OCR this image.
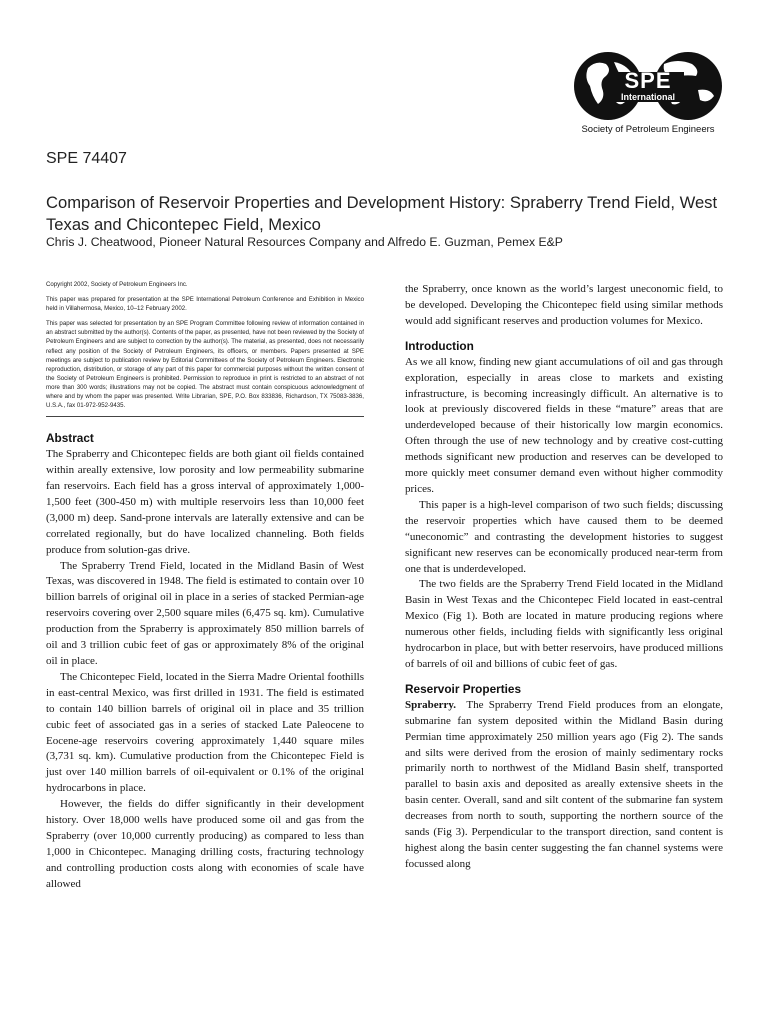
SPE
International
Society of Petroleum Engineers
SPE 74407
Comparison of Reservoir Properties and Development History: Spraberry Trend Field, West Texas and Chicontepec Field, Mexico
Chris J. Cheatwood, Pioneer Natural Resources Company and Alfredo E. Guzman, Pemex E&P

Copyright 2002, Society of Petroleum Engineers Inc.

This paper was prepared for presentation at the SPE International Petroleum Conference and Exhibition in Mexico held in Villahermosa, Mexico, 10–12 February 2002.

This paper was selected for presentation by an SPE Program Committee following review of information contained in an abstract submitted by the author(s). Contents of the paper, as presented, have not been reviewed by the Society of Petroleum Engineers and are subject to correction by the author(s). The material, as presented, does not necessarily reflect any position of the Society of Petroleum Engineers, its officers, or members. Papers presented at SPE meetings are subject to publication review by Editorial Committees of the Society of Petroleum Engineers. Electronic reproduction, distribution, or storage of any part of this paper for commercial purposes without the written consent of the Society of Petroleum Engineers is prohibited. Permission to reproduce in print is restricted to an abstract of not more than 300 words; illustrations may not be copied. The abstract must contain conspicuous acknowledgment of where and by whom the paper was presented. Write Librarian, SPE, P.O. Box 833836, Richardson, TX 75083-3836, U.S.A., fax 01-972-952-9435.

Abstract

The Spraberry and Chicontepec fields are both giant oil fields contained within areally extensive, low porosity and low permeability submarine fan reservoirs. Each field has a gross interval of approximately 1,000-1,500 feet (300-450 m) with multiple reservoirs less than 10,000 feet (3,000 m) deep. Sand-prone intervals are laterally extensive and can be correlated regionally, but do have localized channeling. Both fields produce from solution-gas drive.

The Spraberry Trend Field, located in the Midland Basin of West Texas, was discovered in 1948. The field is estimated to contain over 10 billion barrels of original oil in place in a series of stacked Permian-age reservoirs covering over 2,500 square miles (6,475 sq. km). Cumulative production from the Spraberry is approximately 850 million barrels of oil and 3 trillion cubic feet of gas or approximately 8% of the original oil in place.

The Chicontepec Field, located in the Sierra Madre Oriental foothills in east-central Mexico, was first drilled in 1931. The field is estimated to contain 140 billion barrels of original oil in place and 35 trillion cubic feet of associated gas in a series of stacked Late Paleocene to Eocene-age reservoirs covering approximately 1,440 square miles (3,731 sq. km). Cumulative production from the Chicontepec Field is just over 140 million barrels of oil-equivalent or 0.1% of the original hydrocarbons in place.

However, the fields do differ significantly in their development history. Over 18,000 wells have produced some oil and gas from the Spraberry (over 10,000 currently producing) as compared to less than 1,000 in Chicontepec. Managing drilling costs, fracturing technology and controlling production costs along with economies of scale have allowed

the Spraberry, once known as the world’s largest uneconomic field, to be developed. Developing the Chicontepec field using similar methods would add significant reserves and production volumes for Mexico.

Introduction

As we all know, finding new giant accumulations of oil and gas through exploration, especially in areas close to markets and existing infrastructure, is becoming increasingly difficult. An alternative is to look at previously discovered fields in these “mature” areas that are underdeveloped because of their historically low margin economics. Often through the use of new technology and by creative cost-cutting methods significant new production and reserves can be developed to more quickly meet consumer demand even without higher commodity prices.

This paper is a high-level comparison of two such fields; discussing the reservoir properties which have caused them to be deemed “uneconomic” and contrasting the development histories to suggest significant new reserves can be economically produced near-term from one that is underdeveloped.

The two fields are the Spraberry Trend Field located in the Midland Basin in West Texas and the Chicontepec Field located in east-central Mexico (Fig 1). Both are located in mature producing regions where numerous other fields, including fields with significantly less original hydrocarbon in place, but with better reservoirs, have produced millions of barrels of oil and billions of cubic feet of gas.

Reservoir Properties

Spraberry. The Spraberry Trend Field produces from an elongate, submarine fan system deposited within the Midland Basin during Permian time approximately 250 million years ago (Fig 2). The sands and silts were derived from the erosion of mainly sedimentary rocks primarily north to northwest of the Midland Basin shelf, transported parallel to basin axis and deposited as areally extensive sheets in the basin center. Overall, sand and silt content of the submarine fan system decreases from north to south, supporting the northern source of the sands (Fig 3). Perpendicular to the transport direction, sand content is highest along the basin center suggesting the fan channel systems were focussed along
